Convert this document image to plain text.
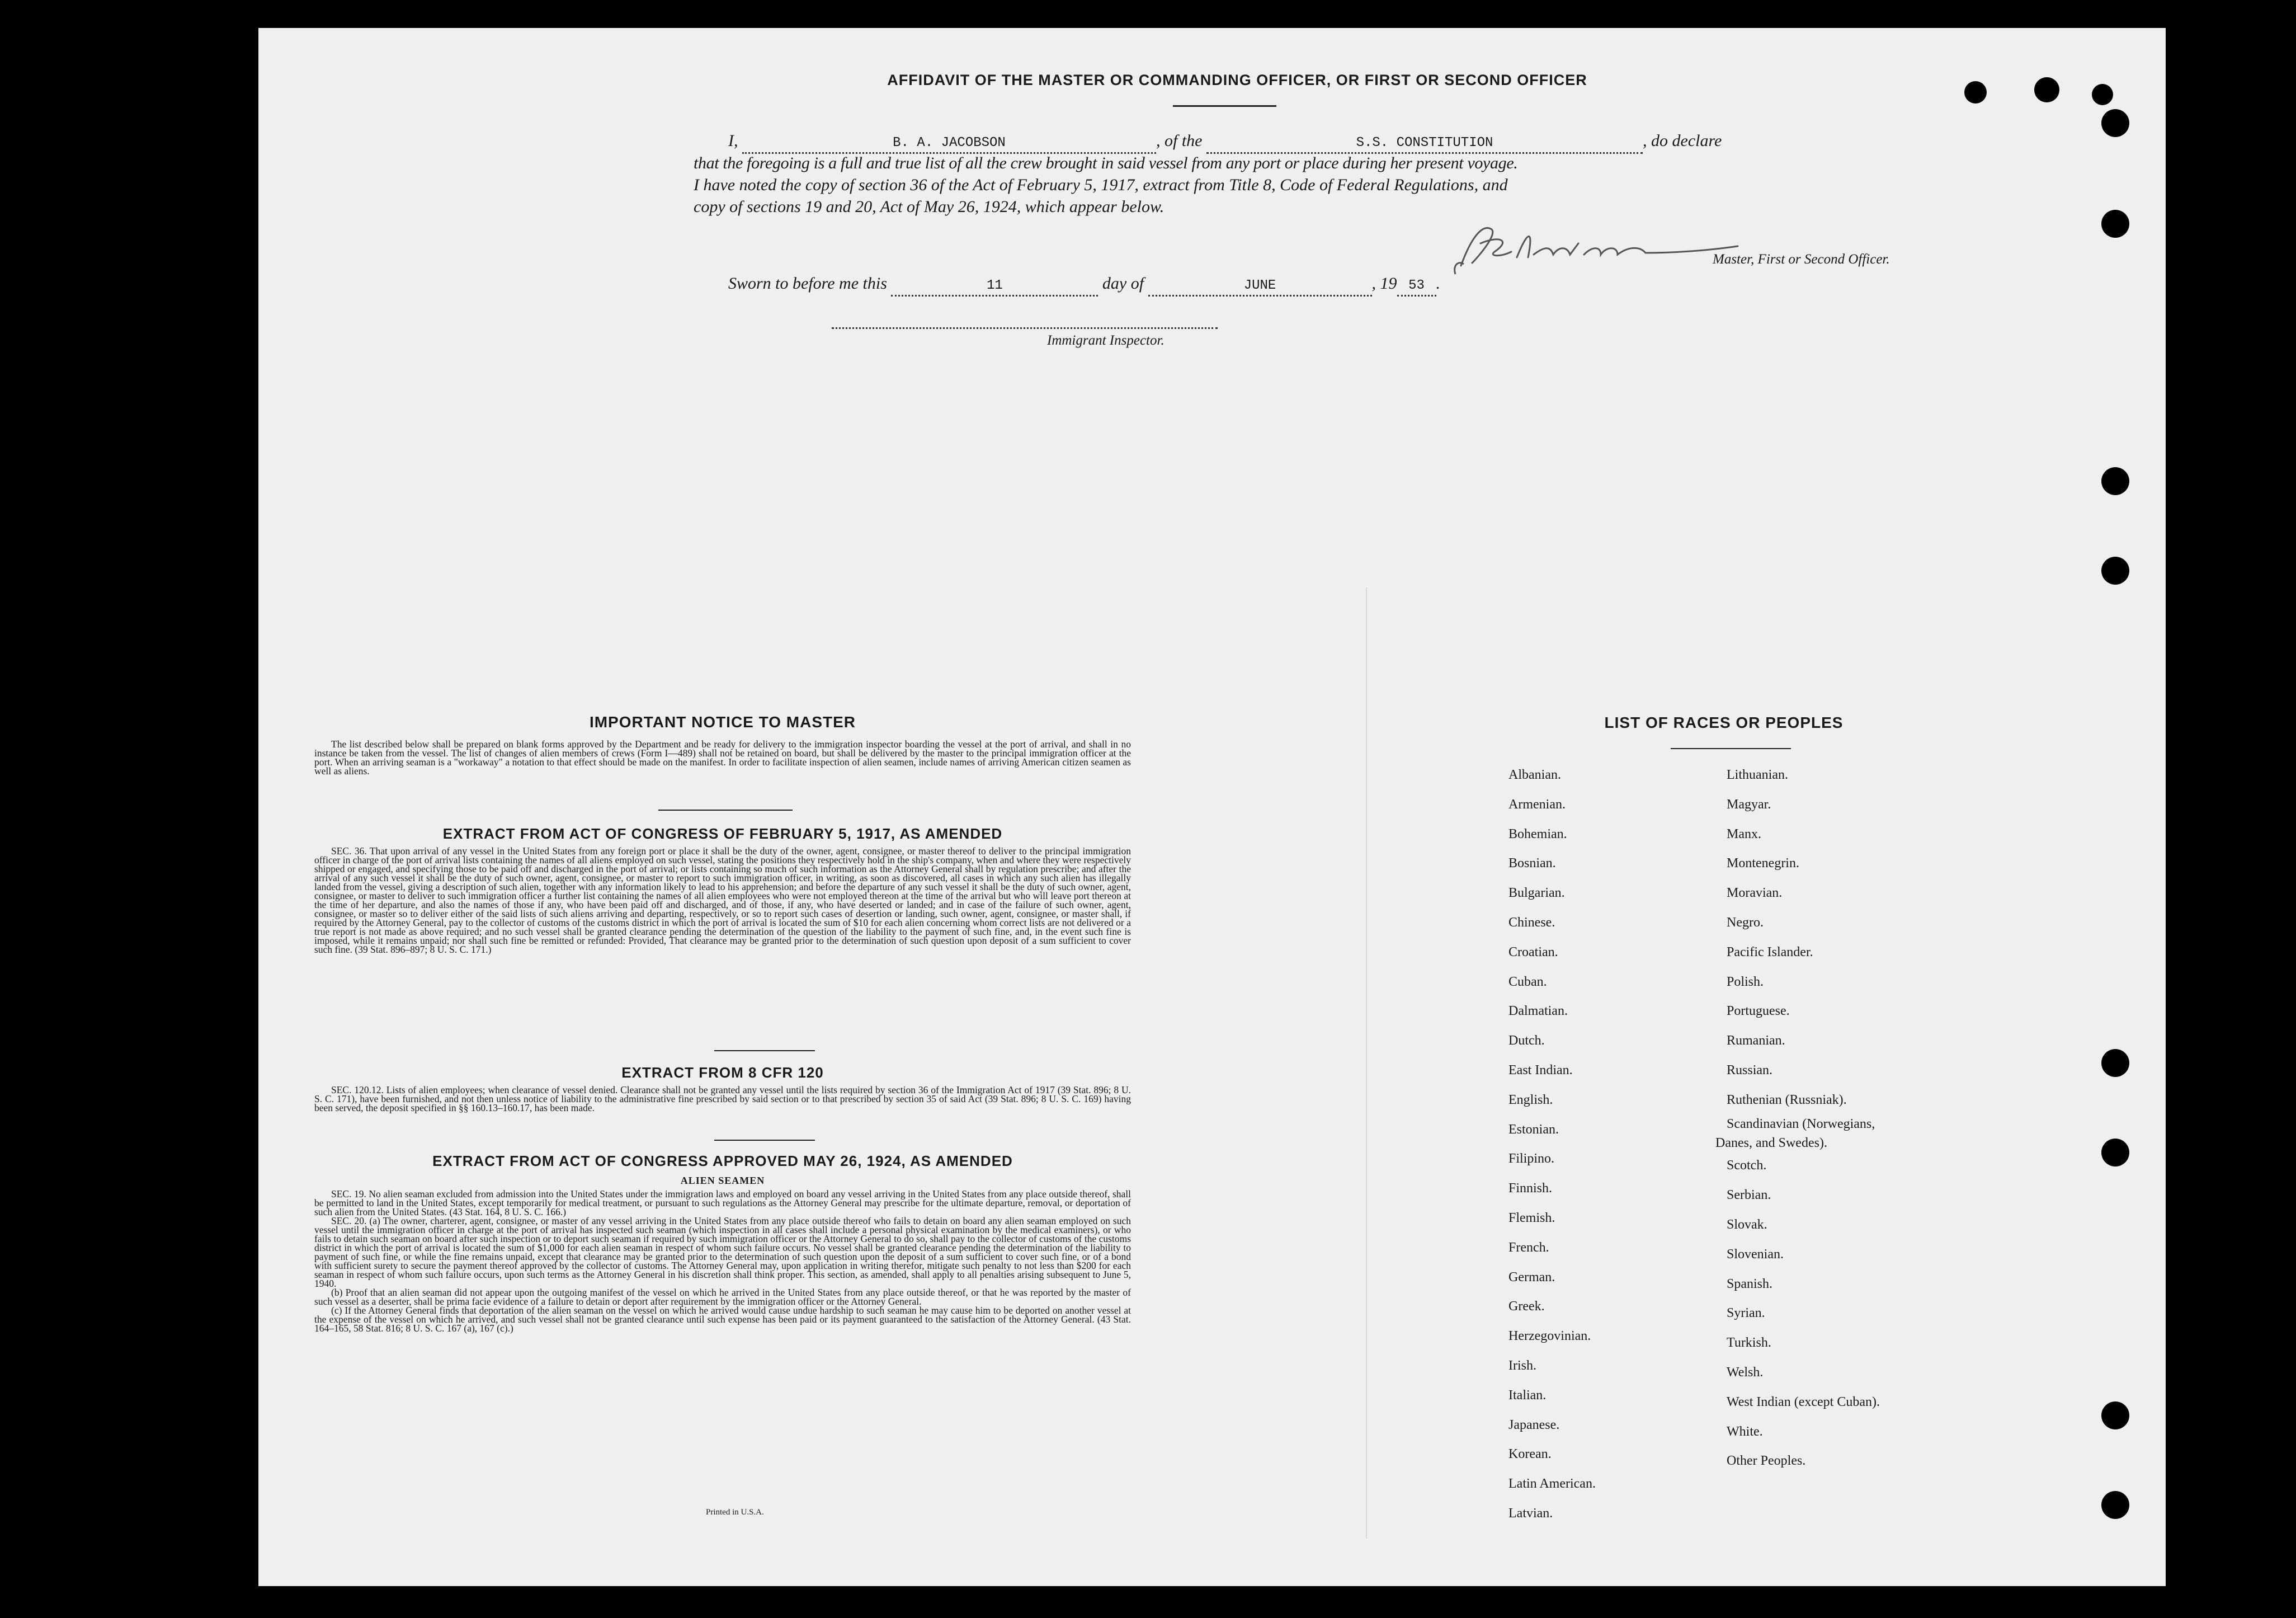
AFFIDAVIT OF THE MASTER OR COMMANDING OFFICER, OR FIRST OR SECOND OFFICER
I,	B. A. JACOBSON	, of the	S.S. CONSTITUTION	, do declare
that the foregoing is a full and true list of all the crew brought in said vessel from any port or place during her present voyage.
I have noted the copy of section 36 of the Act of February 5, 1917, extract from Title 8, Code of Federal Regulations, and
copy of sections 19 and 20, Act of May 26, 1924, which appear below.
Master, First or Second Officer.
Sworn to before me this	11	day of	JUNE	, 19 53 .
Immigrant Inspector.
IMPORTANT NOTICE TO MASTER

The list described below shall be prepared on blank forms approved by the Department and be ready for delivery to the immigration inspector boarding the vessel at the port of arrival, and shall in no instance be taken from the vessel. The list of changes of alien members of crews (Form I—489) shall not be retained on board, but shall be delivered by the master to the principal immigration officer at the port. When an arriving seaman is a "workaway" a notation to that effect should be made on the manifest. In order to facilitate inspection of alien seamen, include names of arriving American citizen seamen as well as aliens.

EXTRACT FROM ACT OF CONGRESS OF FEBRUARY 5, 1917, AS AMENDED

SEC. 36. That upon arrival of any vessel in the United States from any foreign port or place it shall be the duty of the owner, agent, consignee, or master thereof to deliver to the principal immigration officer in charge of the port of arrival lists containing the names of all aliens employed on such vessel, stating the positions they respectively hold in the ship's company, when and where they were respectively shipped or engaged, and specifying those to be paid off and discharged in the port of arrival; or lists containing so much of such information as the Attorney General shall by regulation prescribe; and after the arrival of any such vessel it shall be the duty of such owner, agent, consignee, or master to report to such immigration officer, in writing, as soon as discovered, all cases in which any such alien has illegally landed from the vessel, giving a description of such alien, together with any information likely to lead to his apprehension; and before the departure of any such vessel it shall be the duty of such owner, agent, consignee, or master to deliver to such immigration officer a further list containing the names of all alien employees who were not employed thereon at the time of the arrival but who will leave port thereon at the time of her departure, and also the names of those if any, who have been paid off and discharged, and of those, if any, who have deserted or landed; and in case of the failure of such owner, agent, consignee, or master so to deliver either of the said lists of such aliens arriving and departing, respectively, or so to report such cases of desertion or landing, such owner, agent, consignee, or master shall, if required by the Attorney General, pay to the collector of customs of the customs district in which the port of arrival is located the sum of $10 for each alien concerning whom correct lists are not delivered or a true report is not made as above required; and no such vessel shall be granted clearance pending the determination of the question of the liability to the payment of such fine, and, in the event such fine is imposed, while it remains unpaid; nor shall such fine be remitted or refunded: Provided, That clearance may be granted prior to the determination of such question upon deposit of a sum sufficient to cover such fine. (39 Stat. 896–897; 8 U. S. C. 171.)

EXTRACT FROM 8 CFR 120

SEC. 120.12. Lists of alien employees; when clearance of vessel denied. Clearance shall not be granted any vessel until the lists required by section 36 of the Immigration Act of 1917 (39 Stat. 896; 8 U. S. C. 171), have been furnished, and not then unless notice of liability to the administrative fine prescribed by said section or to that prescribed by section 35 of said Act (39 Stat. 896; 8 U. S. C. 169) having been served, the deposit specified in §§ 160.13–160.17, has been made.

EXTRACT FROM ACT OF CONGRESS APPROVED MAY 26, 1924, AS AMENDED
ALIEN SEAMEN

SEC. 19. No alien seaman excluded from admission into the United States under the immigration laws and employed on board any vessel arriving in the United States from any place outside thereof, shall be permitted to land in the United States, except temporarily for medical treatment, or pursuant to such regulations as the Attorney General may prescribe for the ultimate departure, removal, or deportation of such alien from the United States. (43 Stat. 164, 8 U. S. C. 166.)

SEC. 20. (a) The owner, charterer, agent, consignee, or master of any vessel arriving in the United States from any place outside thereof who fails to detain on board any alien seaman employed on such vessel until the immigration officer in charge at the port of arrival has inspected such seaman (which inspection in all cases shall include a personal physical examination by the medical examiners), or who fails to detain such seaman on board after such inspection or to deport such seaman if required by such immigration officer or the Attorney General to do so, shall pay to the collector of customs of the customs district in which the port of arrival is located the sum of $1,000 for each alien seaman in respect of whom such failure occurs. No vessel shall be granted clearance pending the determination of the liability to payment of such fine, or while the fine remains unpaid, except that clearance may be granted prior to the determination of such question upon the deposit of a sum sufficient to cover such fine, or of a bond with sufficient surety to secure the payment thereof approved by the collector of customs. The Attorney General may, upon application in writing therefor, mitigate such penalty to not less than $200 for each seaman in respect of whom such failure occurs, upon such terms as the Attorney General in his discretion shall think proper. This section, as amended, shall apply to all penalties arising subsequent to June 5, 1940.

(b) Proof that an alien seaman did not appear upon the outgoing manifest of the vessel on which he arrived in the United States from any place outside thereof, or that he was reported by the master of such vessel as a deserter, shall be prima facie evidence of a failure to detain or deport after requirement by the immigration officer or the Attorney General.

(c) If the Attorney General finds that deportation of the alien seaman on the vessel on which he arrived would cause undue hardship to such seaman he may cause him to be deported on another vessel at the expense of the vessel on which he arrived, and such vessel shall not be granted clearance until such expense has been paid or its payment guaranteed to the satisfaction of the Attorney General. (43 Stat. 164–165, 58 Stat. 816; 8 U. S. C. 167 (a), 167 (c).)

Printed in U.S.A.
LIST OF RACES OR PEOPLES
Albanian.
Armenian.
Bohemian.
Bosnian.
Bulgarian.
Chinese.
Croatian.
Cuban.
Dalmatian.
Dutch.
East Indian.
English.
Estonian.
Filipino.
Finnish.
Flemish.
French.
German.
Greek.
Herzegovinian.
Irish.
Italian.
Japanese.
Korean.
Latin American.
Latvian.
Lithuanian.
Magyar.
Manx.
Montenegrin.
Moravian.
Negro.
Pacific Islander.
Polish.
Portuguese.
Rumanian.
Russian.
Ruthenian (Russniak).
Scandinavian (Norwegians,
Danes, and Swedes).
Scotch.
Serbian.
Slovak.
Slovenian.
Spanish.
Syrian.
Turkish.
Welsh.
West Indian (except Cuban).
White.
Other Peoples.
